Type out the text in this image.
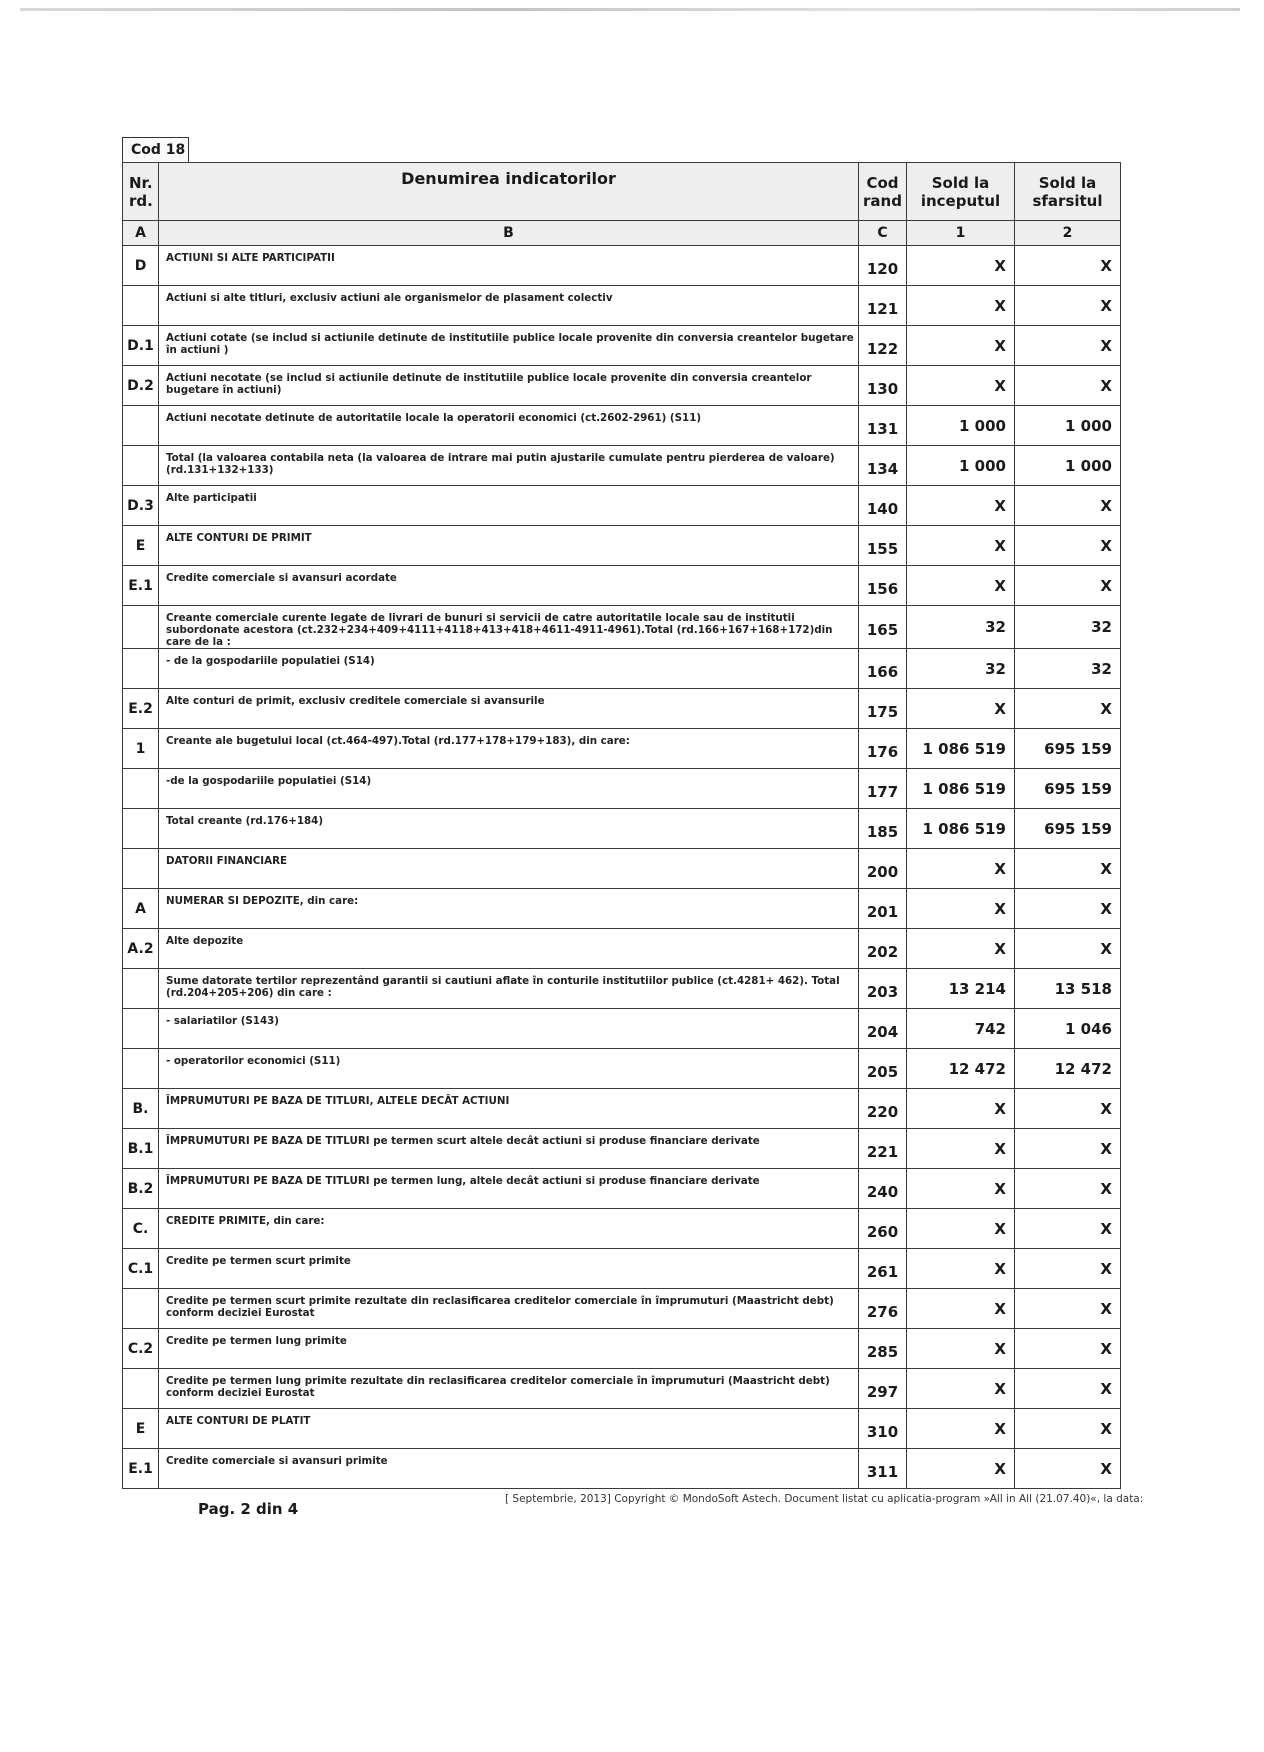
Cod 18
Nr. rd.	Denumirea indicatorilor	Cod rand	Sold la inceputul	Sold la sfarsitul
A	B	C	1	2
D	ACTIUNI SI ALTE PARTICIPATII	120	X	X
	Actiuni si alte titluri, exclusiv actiuni ale organismelor de plasament colectiv	121	X	X
D.1	Actiuni cotate (se includ si actiunile detinute de institutiile publice locale provenite din conversia creantelor bugetare în actiuni )	122	X	X
D.2	Actiuni necotate (se includ si actiunile detinute de institutiile publice locale provenite din conversia creantelor bugetare în actiuni)	130	X	X
	Actiuni necotate detinute de autoritatile locale la operatorii economici (ct.2602-2961) (S11)	131	1 000	1 000
	Total (la valoarea contabila neta (la valoarea de intrare mai putin ajustarile cumulate pentru pierderea de valoare)(rd.131+132+133)	134	1 000	1 000
D.3	Alte participatii	140	X	X
E	ALTE CONTURI DE PRIMIT	155	X	X
E.1	Credite comerciale si avansuri acordate	156	X	X
	Creante comerciale curente legate de livrari de bunuri si servicii de catre autoritatile locale sau de institutii subordonate acestora (ct.232+234+409+4111+4118+413+418+4611-4911-4961).Total (rd.166+167+168+172)din care de la :	165	32	32
	- de la gospodariile populatiei (S14)	166	32	32
E.2	Alte conturi de primit, exclusiv creditele comerciale si avansurile	175	X	X
1	Creante ale bugetului local (ct.464-497).Total (rd.177+178+179+183), din care:	176	1 086 519	695 159
	-de la gospodariile populatiei (S14)	177	1 086 519	695 159
	Total creante (rd.176+184)	185	1 086 519	695 159
	DATORII FINANCIARE	200	X	X
A	NUMERAR SI DEPOZITE, din care:	201	X	X
A.2	Alte depozite	202	X	X
	Sume datorate tertilor reprezentând garantii si cautiuni aflate în conturile institutiilor publice (ct.4281+ 462). Total (rd.204+205+206) din care :	203	13 214	13 518
	- salariatilor (S143)	204	742	1 046
	- operatorilor economici (S11)	205	12 472	12 472
B.	ÎMPRUMUTURI PE BAZA DE TITLURI, ALTELE DECÂT ACTIUNI	220	X	X
B.1	ÎMPRUMUTURI PE BAZA DE TITLURI pe termen scurt altele decât actiuni si produse financiare derivate	221	X	X
B.2	ÎMPRUMUTURI PE BAZA DE TITLURI pe termen lung, altele decât actiuni si produse financiare derivate	240	X	X
C.	CREDITE PRIMITE, din care:	260	X	X
C.1	Credite pe termen scurt primite	261	X	X
	Credite pe termen scurt primite rezultate din reclasificarea creditelor comerciale în împrumuturi (Maastricht debt) conform deciziei Eurostat	276	X	X
C.2	Credite pe termen lung primite	285	X	X
	Credite pe termen lung primite rezultate din reclasificarea creditelor comerciale în împrumuturi (Maastricht debt) conform deciziei Eurostat	297	X	X
E	ALTE CONTURI DE PLATIT	310	X	X
E.1	Credite comerciale si avansuri primite	311	X	X
Pag. 2 din 4
[ Septembrie, 2013] Copyright © MondoSoft Astech. Document listat cu aplicatia-program »All in All (21.07.40)«, la data:
